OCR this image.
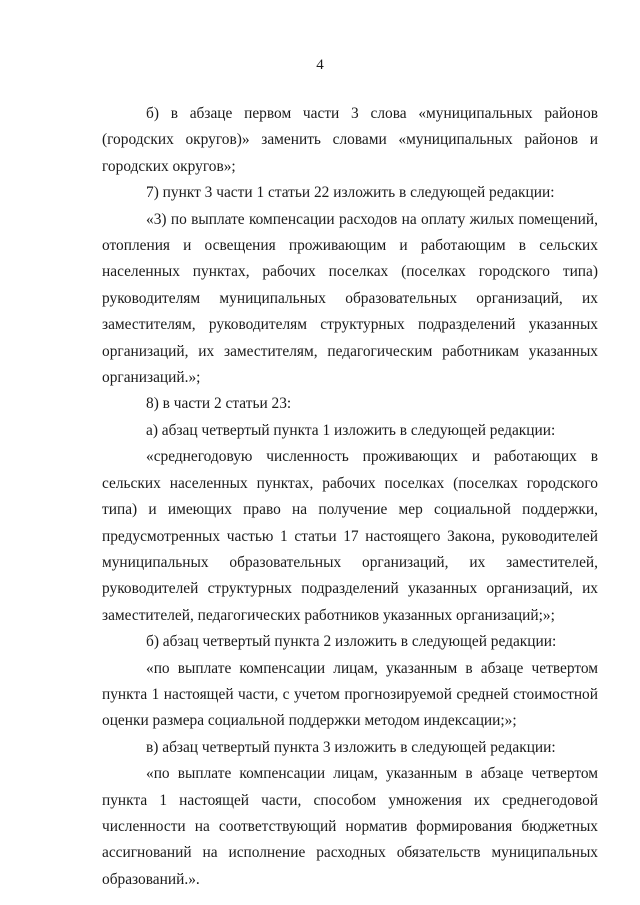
4

б) в абзаце первом части 3 слова «муниципальных районов (городских округов)» заменить словами «муниципальных районов и городских округов»;

7) пункт 3 части 1 статьи 22 изложить в следующей редакции:

«3) по выплате компенсации расходов на оплату жилых помещений, отопления и освещения проживающим и работающим в сельских населенных пунктах, рабочих поселках (поселках городского типа) руководителям муниципальных образовательных организаций, их заместителям, руководителям структурных подразделений указанных организаций, их заместителям, педагогическим работникам указанных организаций.»;

8) в части 2 статьи 23:

а) абзац четвертый пункта 1 изложить в следующей редакции:

«среднегодовую численность проживающих и работающих в сельских населенных пунктах, рабочих поселках (поселках городского типа) и имеющих право на получение мер социальной поддержки, предусмотренных частью 1 статьи 17 настоящего Закона, руководителей муниципальных образовательных организаций, их заместителей, руководителей структурных подразделений указанных организаций, их заместителей, педагогических работников указанных организаций;»;

б) абзац четвертый пункта 2 изложить в следующей редакции:

«по выплате компенсации лицам, указанным в абзаце четвертом пункта 1 настоящей части, с учетом прогнозируемой средней стоимостной оценки размера социальной поддержки методом индексации;»;

в) абзац четвертый пункта 3 изложить в следующей редакции:

«по выплате компенсации лицам, указанным в абзаце четвертом пункта 1 настоящей части, способом умножения их среднегодовой численности на соответствующий норматив формирования бюджетных ассигнований на исполнение расходных обязательств муниципальных образований.».
